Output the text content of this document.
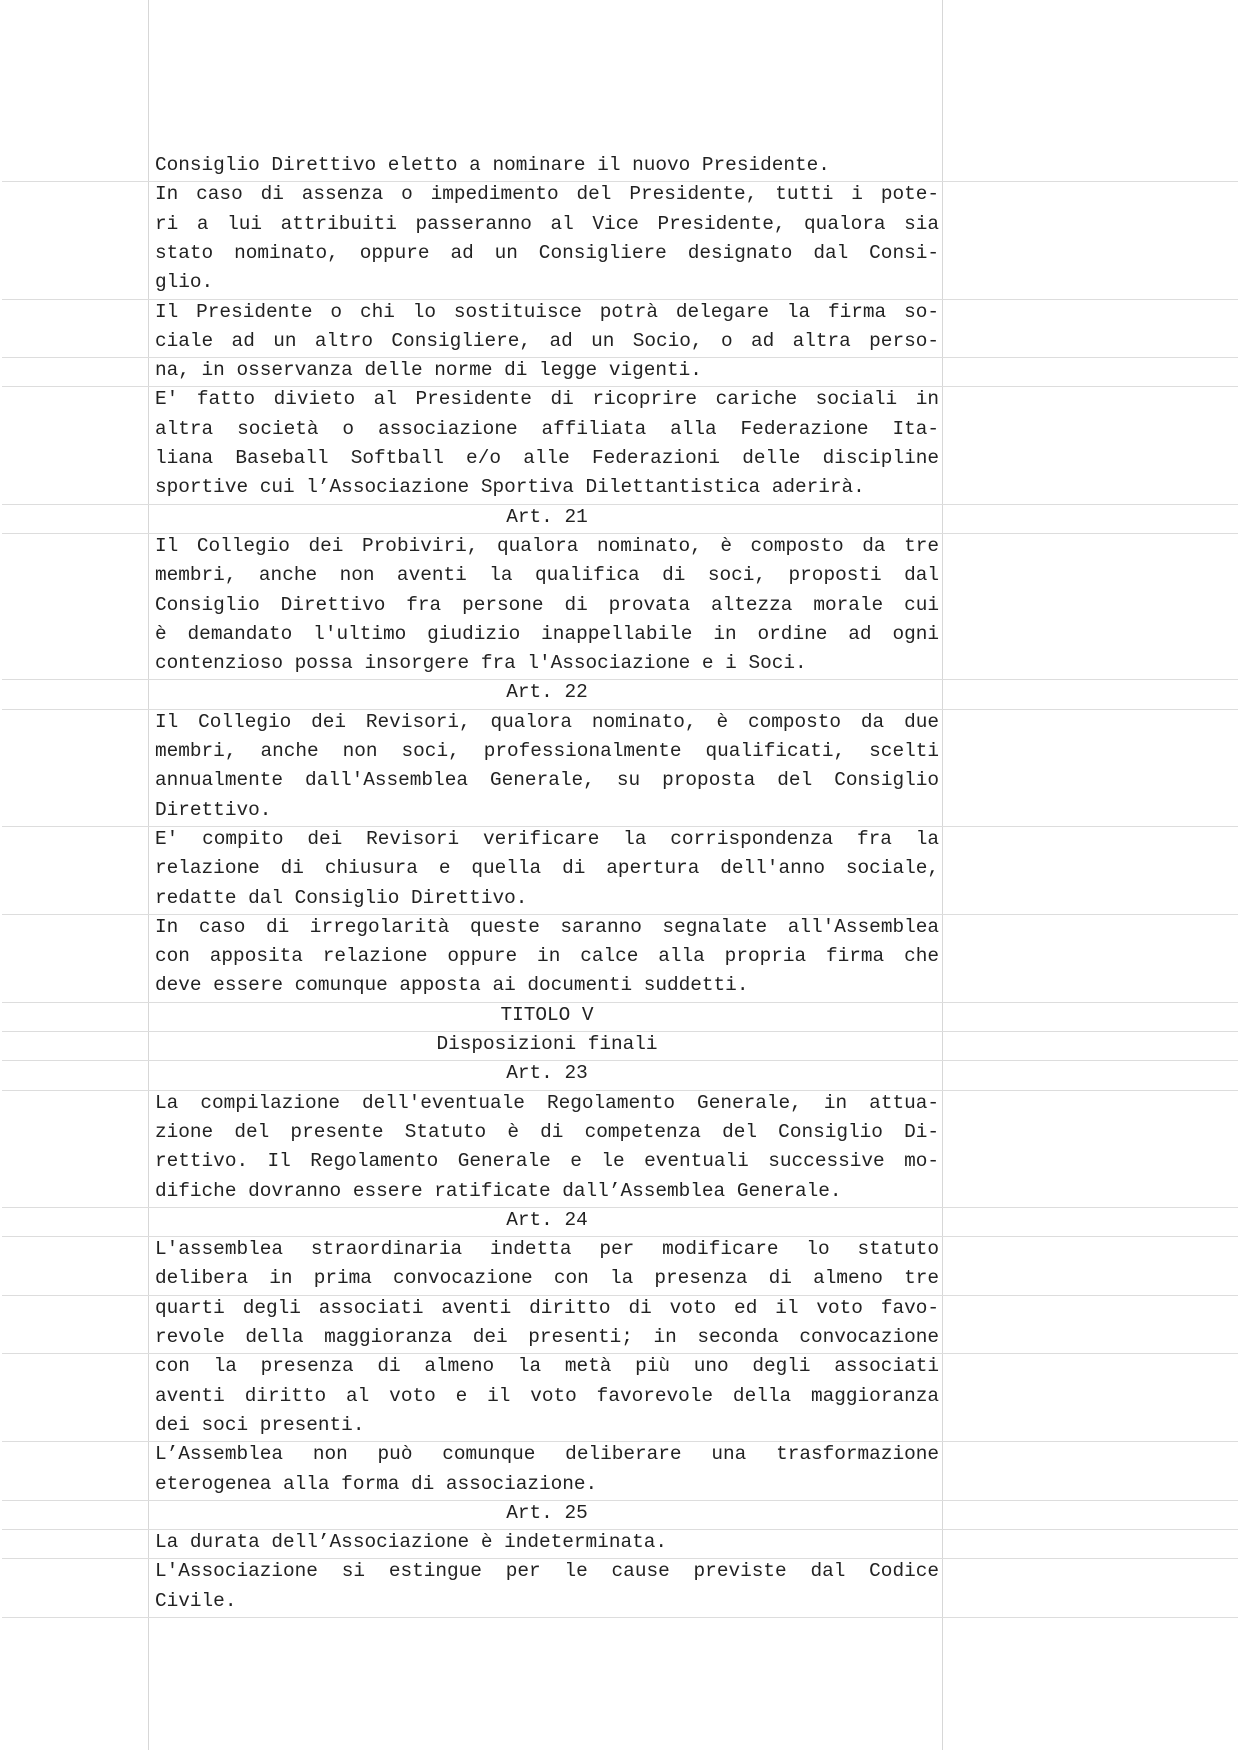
Consiglio Direttivo eletto a nominare il nuovo Presidente.
In caso di assenza o impedimento del Presidente, tutti i pote-
ri a lui attribuiti passeranno al Vice Presidente, qualora sia
stato nominato, oppure ad un Consigliere designato dal Consi-
glio.
Il Presidente o chi lo sostituisce potrà delegare la firma so-
ciale ad un altro Consigliere, ad un Socio, o ad altra perso-
na, in osservanza delle norme di legge vigenti.
E' fatto divieto al Presidente di ricoprire cariche sociali in
altra società o associazione affiliata alla Federazione Ita-
liana Baseball Softball e/o alle Federazioni delle discipline
sportive cui l’Associazione Sportiva Dilettantistica aderirà.
Art. 21
Il Collegio dei Probiviri, qualora nominato, è composto da tre
membri, anche non aventi la qualifica di soci, proposti dal
Consiglio Direttivo fra persone di provata altezza morale cui
è demandato l'ultimo giudizio inappellabile in ordine ad ogni
contenzioso possa insorgere fra l'Associazione e i Soci.
Art. 22
Il Collegio dei Revisori, qualora nominato, è composto da due
membri, anche non soci, professionalmente qualificati, scelti
annualmente dall'Assemblea Generale, su proposta del Consiglio
Direttivo.
E' compito dei Revisori verificare la corrispondenza fra la
relazione di chiusura e quella di apertura dell'anno sociale,
redatte dal Consiglio Direttivo.
In caso di irregolarità queste saranno segnalate all'Assemblea
con apposita relazione oppure in calce alla propria firma che
deve essere comunque apposta ai documenti suddetti.
TITOLO V
Disposizioni finali
Art. 23
La compilazione dell'eventuale Regolamento Generale, in attua-
zione del presente Statuto è di competenza del Consiglio Di-
rettivo. Il Regolamento Generale e le eventuali successive mo-
difiche dovranno essere ratificate dall’Assemblea Generale.
Art. 24
L'assemblea straordinaria indetta per modificare lo statuto
delibera in prima convocazione con la presenza di almeno tre
quarti degli associati aventi diritto di voto ed il voto favo-
revole della maggioranza dei presenti; in seconda convocazione
con la presenza di almeno la metà più uno degli associati
aventi diritto al voto e il voto favorevole della maggioranza
dei soci presenti.
L’Assemblea non può comunque deliberare una trasformazione
eterogenea alla forma di associazione.
Art. 25
La durata dell’Associazione è indeterminata.
L'Associazione si estingue per le cause previste dal Codice
Civile.
